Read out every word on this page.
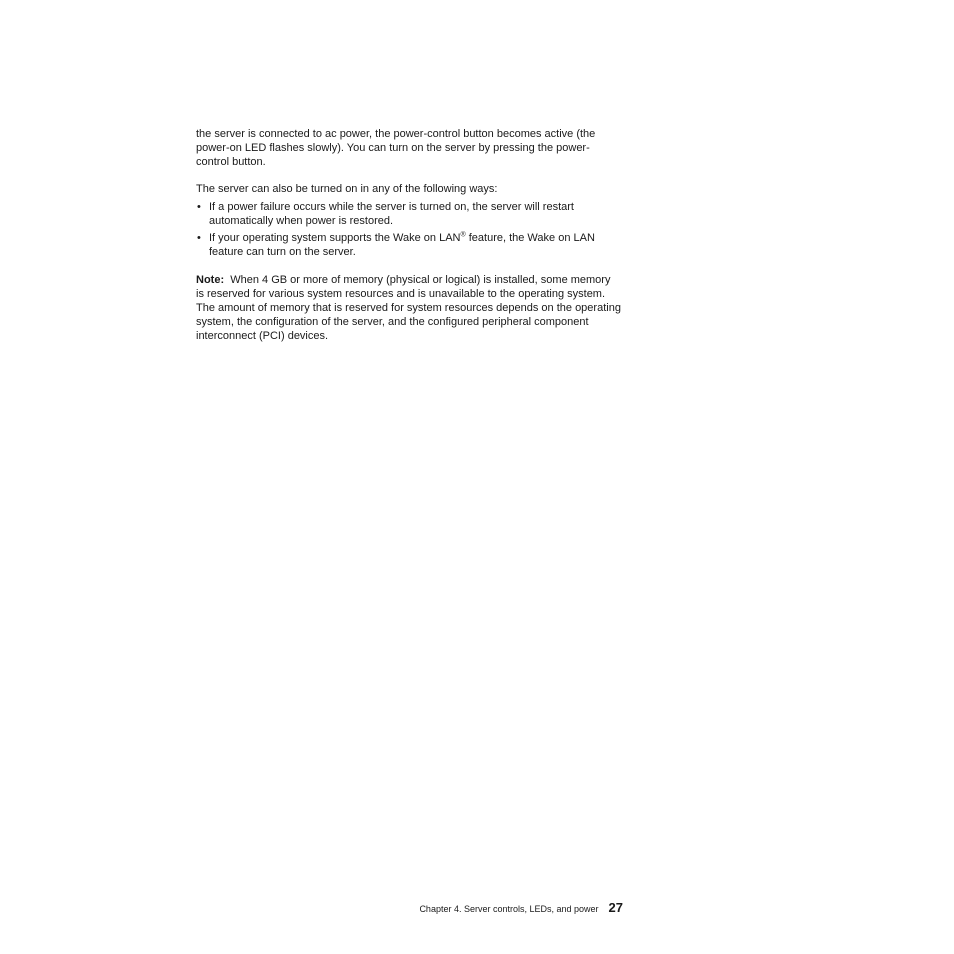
the server is connected to ac power, the power-control button becomes active (the power-on LED flashes slowly). You can turn on the server by pressing the power-control button.

The server can also be turned on in any of the following ways:

• If a power failure occurs while the server is turned on, the server will restart automatically when power is restored.
• If your operating system supports the Wake on LAN® feature, the Wake on LAN feature can turn on the server.

Note: When 4 GB or more of memory (physical or logical) is installed, some memory is reserved for various system resources and is unavailable to the operating system. The amount of memory that is reserved for system resources depends on the operating system, the configuration of the server, and the configured peripheral component interconnect (PCI) devices.

Chapter 4. Server controls, LEDs, and power 27
